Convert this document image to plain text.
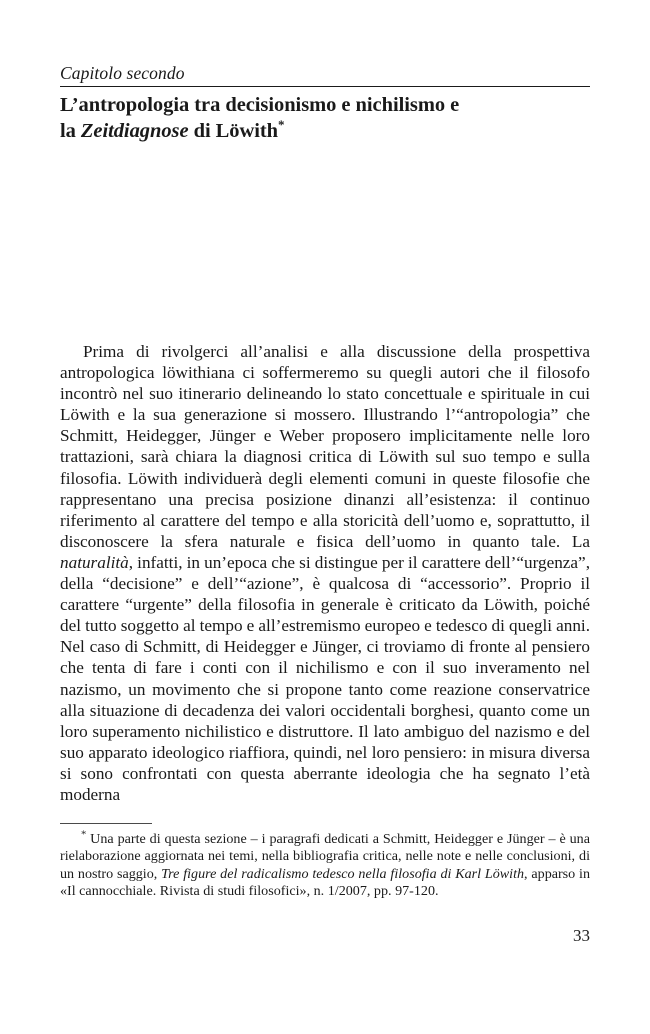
Capitolo secondo
L’antropologia tra decisionismo e nichilismo e
la Zeitdiagnose di Löwith*

Prima di rivolgerci all’analisi e alla discussione della prospettiva antropologica löwithiana ci soffermeremo su quegli autori che il filosofo incontrò nel suo itinerario delineando lo stato concettuale e spirituale in cui Löwith e la sua generazione si mossero. Illustrando l’“antropologia” che Schmitt, Heidegger, Jünger e Weber proposero implicitamente nelle loro trattazioni, sarà chiara la diagnosi critica di Löwith sul suo tempo e sulla filosofia. Löwith individuerà degli elementi comuni in queste filosofie che rappresentano una precisa posizione dinanzi all’esistenza: il continuo riferimento al carattere del tempo e alla storicità dell’uomo e, soprattutto, il disconoscere la sfera naturale e fisica dell’uomo in quanto tale. La naturalità, infatti, in un’epoca che si distingue per il carattere dell’“urgenza”, della “decisione” e dell’“azione”, è qualcosa di “accessorio”. Proprio il carattere “urgente” della filosofia in generale è criticato da Löwith, poiché del tutto soggetto al tempo e all’estremismo europeo e tedesco di quegli anni. Nel caso di Schmitt, di Heidegger e Jünger, ci troviamo di fronte al pensiero che tenta di fare i conti con il nichilismo e con il suo inveramento nel nazismo, un movimento che si propone tanto come reazione conservatrice alla situazione di decadenza dei valori occidentali borghesi, quanto come un loro superamento nichilistico e distruttore. Il lato ambiguo del nazismo e del suo apparato ideologico riaffiora, quindi, nel loro pensiero: in misura diversa si sono confrontati con questa aberrante ideologia che ha segnato l’età moderna

* Una parte di questa sezione – i paragrafi dedicati a Schmitt, Heidegger e Jünger – è una rielaborazione aggiornata nei temi, nella bibliografia critica, nelle note e nelle conclusioni, di un nostro saggio, Tre figure del radicalismo tedesco nella filosofia di Karl Löwith, apparso in «Il cannocchiale. Rivista di studi filosofici», n. 1/2007, pp. 97-120.

33
